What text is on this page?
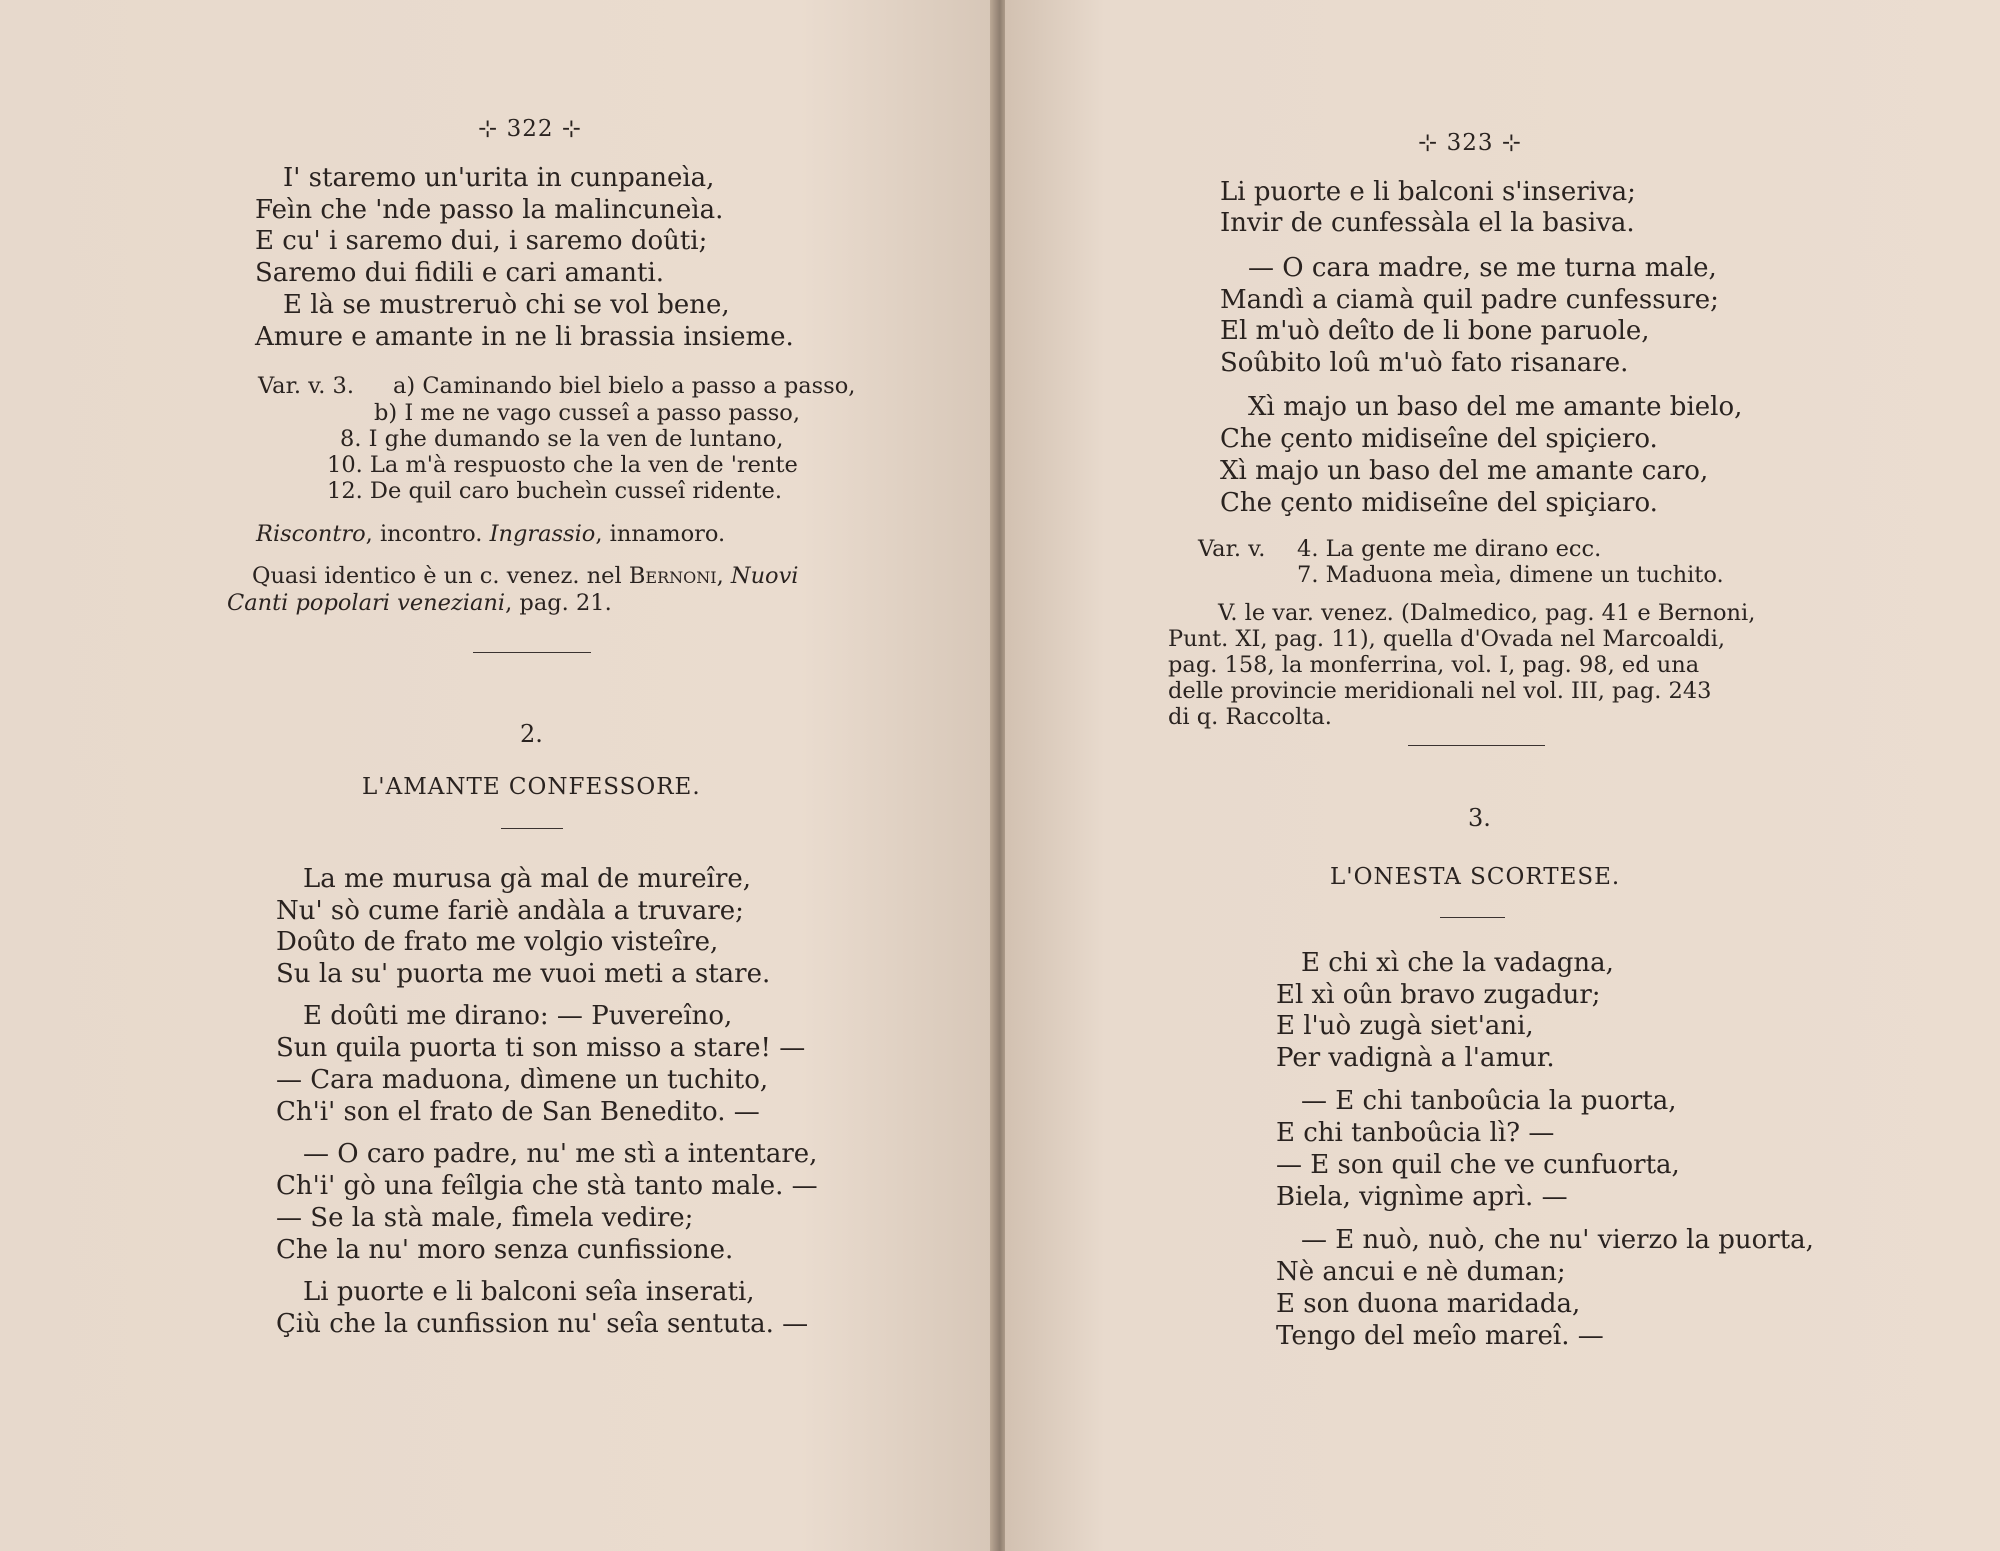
⊹ 322 ⊹
I' staremo un'urita in cunpaneìa,
Feìn che 'nde passo la malincuneìa.
E cu' i saremo dui, i saremo doûti;
Saremo dui fidili e cari amanti.
E là se mustreruò chi se vol bene,
Amure e amante in ne li brassia insieme.
Var. v. 3. a) Caminando biel bielo a passo a passo,
b) I me ne vago cusseî a passo passo,
8. I ghe dumando se la ven de luntano,
10. La m'à respuosto che la ven de 'rente
12. De quil caro bucheìn cusseî ridente.
Riscontro, incontro. Ingrassio, innamoro.
Quasi identico è un c. venez. nel Bernoni, Nuovi
Canti popolari veneziani, pag. 21.
2.
L'AMANTE CONFESSORE.
La me murusa gà mal de mureîre,
Nu' sò cume fariè andàla a truvare;
Doûto de frato me volgio visteîre,
Su la su' puorta me vuoi meti a stare.
E doûti me dirano: — Puvereîno,
Sun quila puorta ti son misso a stare! —
— Cara maduona, dìmene un tuchito,
Ch'i' son el frato de San Benedito. —
— O caro padre, nu' me stì a intentare,
Ch'i' gò una feîlgia che stà tanto male. —
— Se la stà male, fìmela vedire;
Che la nu' moro senza cunfissione.
Li puorte e li balconi seîa inserati,
Çiù che la cunfission nu' seîa sentuta. —
⊹ 323 ⊹
Li puorte e li balconi s'inseriva;
Invir de cunfessàla el la basiva.
— O cara madre, se me turna male,
Mandì a ciamà quil padre cunfessure;
El m'uò deîto de li bone paruole,
Soûbito loû m'uò fato risanare.
Xì majo un baso del me amante bielo,
Che çento midiseîne del spiçiero.
Xì majo un baso del me amante caro,
Che çento midiseîne del spiçiaro.
Var. v. 4. La gente me dirano ecc.
7. Maduona meìa, dimene un tuchito.
V. le var. venez. (Dalmedico, pag. 41 e Bernoni,
Punt. XI, pag. 11), quella d'Ovada nel Marcoaldi,
pag. 158, la monferrina, vol. I, pag. 98, ed una
delle provincie meridionali nel vol. III, pag. 243
di q. Raccolta.
3.
L'ONESTA SCORTESE.
E chi xì che la vadagna,
El xì oûn bravo zugadur;
E l'uò zugà siet'ani,
Per vadignà a l'amur.
— E chi tanboûcia la puorta,
E chi tanboûcia lì? —
— E son quil che ve cunfuorta,
Biela, vignìme aprì. —
— E nuò, nuò, che nu' vierzo la puorta,
Nè ancui e nè duman;
E son duona maridada,
Tengo del meîo mareî. —
